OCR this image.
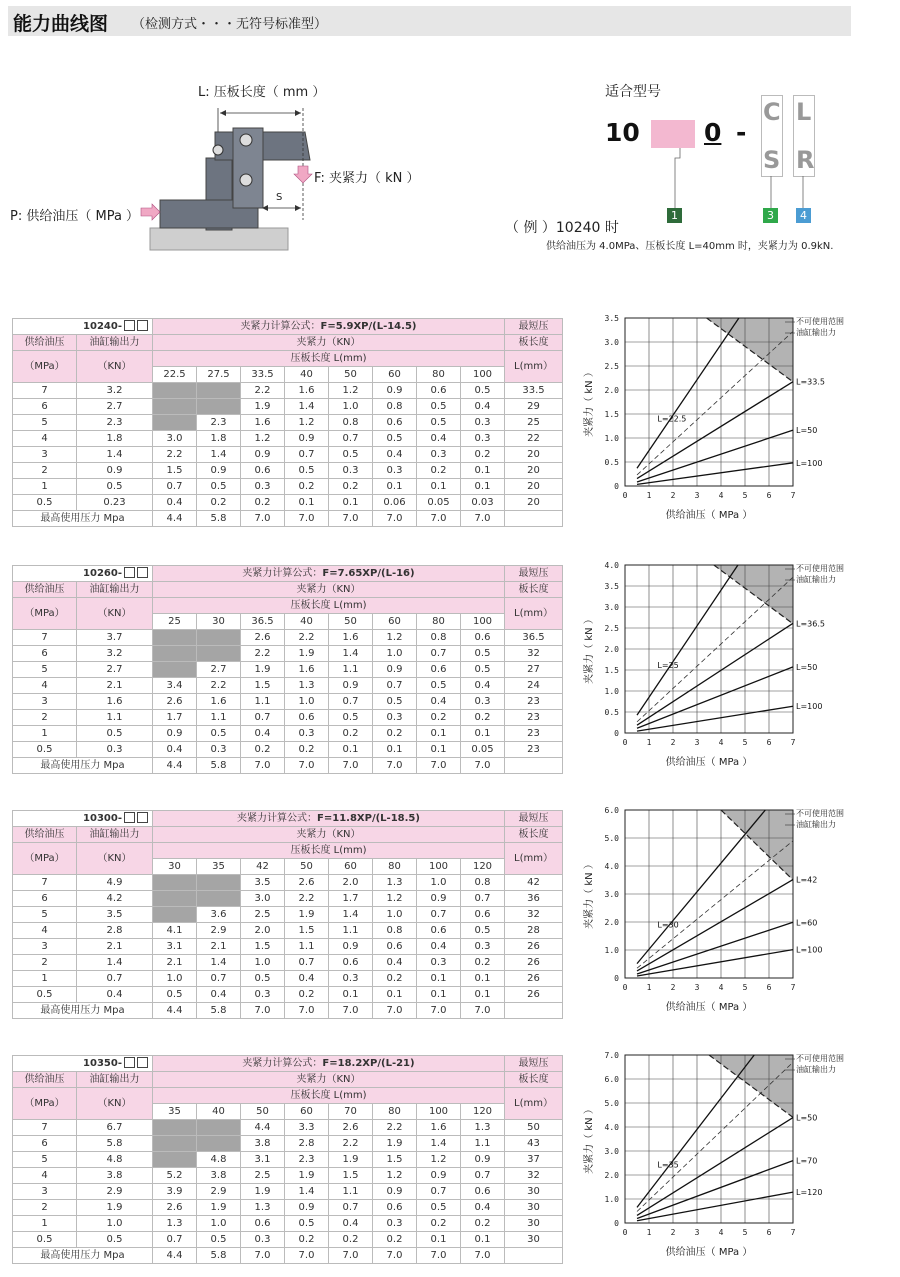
能力曲线图 （检测方式・・・无符号标准型）
L: 压板长度（ mm ）
F: 夹紧力（ kN ）
P: 供给油压（ MPa ）
S
适合型号
10	0 -
C
S
L
R
1	3	4
（ 例 ）10240 时
供给油压为 4.0MPa、压板长度 L=40mm 时，夹紧力为 0.9kN.
10240-		夹紧力计算公式：F=5.9XP/(L-14.5)								最短压
供给油压	油缸输出力	夹紧力（KN）								板长度
（MPa）	（KN）	压板长度 L(mm)								L(mm）
		22.5	27.5	33.5	40	50	60	80	100	
7	3.2			2.2	1.6	1.2	0.9	0.6	0.5	33.5
6	2.7			1.9	1.4	1.0	0.8	0.5	0.4	29
5	2.3		2.3	1.6	1.2	0.8	0.6	0.5	0.3	25
4	1.8	3.0	1.8	1.2	0.9	0.7	0.5	0.4	0.3	22
3	1.4	2.2	1.4	0.9	0.7	0.5	0.4	0.3	0.2	20
2	0.9	1.5	0.9	0.6	0.5	0.3	0.3	0.2	0.1	20
1	0.5	0.7	0.5	0.3	0.2	0.2	0.1	0.1	0.1	20
0.5	0.23	0.4	0.2	0.2	0.1	0.1	0.06	0.05	0.03	20
最高使用压力 Mpa		4.4	5.8	7.0	7.0	7.0	7.0	7.0	7.0	
10260-		夹紧力计算公式：F=7.65XP/(L-16)								最短压
供给油压	油缸输出力	夹紧力（KN）								板长度
（MPa）	（KN）	压板长度 L(mm)								L(mm）
		25	30	36.5	40	50	60	80	100	
7	3.7			2.6	2.2	1.6	1.2	0.8	0.6	36.5
6	3.2			2.2	1.9	1.4	1.0	0.7	0.5	32
5	2.7		2.7	1.9	1.6	1.1	0.9	0.6	0.5	27
4	2.1	3.4	2.2	1.5	1.3	0.9	0.7	0.5	0.4	24
3	1.6	2.6	1.6	1.1	1.0	0.7	0.5	0.4	0.3	23
2	1.1	1.7	1.1	0.7	0.6	0.5	0.3	0.2	0.2	23
1	0.5	0.9	0.5	0.4	0.3	0.2	0.2	0.1	0.1	23
0.5	0.3	0.4	0.3	0.2	0.2	0.1	0.1	0.1	0.05	23
最高使用压力 Mpa		4.4	5.8	7.0	7.0	7.0	7.0	7.0	7.0	
10300-		夹紧力计算公式：F=11.8XP/(L-18.5)								最短压
供给油压	油缸输出力	夹紧力（KN）								板长度
（MPa）	（KN）	压板长度 L(mm)								L(mm）
		30	35	42	50	60	80	100	120	
7	4.9			3.5	2.6	2.0	1.3	1.0	0.8	42
6	4.2			3.0	2.2	1.7	1.2	0.9	0.7	36
5	3.5		3.6	2.5	1.9	1.4	1.0	0.7	0.6	32
4	2.8	4.1	2.9	2.0	1.5	1.1	0.8	0.6	0.5	28
3	2.1	3.1	2.1	1.5	1.1	0.9	0.6	0.4	0.3	26
2	1.4	2.1	1.4	1.0	0.7	0.6	0.4	0.3	0.2	26
1	0.7	1.0	0.7	0.5	0.4	0.3	0.2	0.1	0.1	26
0.5	0.4	0.5	0.4	0.3	0.2	0.1	0.1	0.1	0.1	26
最高使用压力 Mpa		4.4	5.8	7.0	7.0	7.0	7.0	7.0	7.0	
10350-		夹紧力计算公式：F=18.2XP/(L-21)								最短压
供给油压	油缸输出力	夹紧力（KN）								板长度
（MPa）	（KN）	压板长度 L(mm)								L(mm）
		35	40	50	60	70	80	100	120	
7	6.7			4.4	3.3	2.6	2.2	1.6	1.3	50
6	5.8			3.8	2.8	2.2	1.9	1.4	1.1	43
5	4.8		4.8	3.1	2.3	1.9	1.5	1.2	0.9	37
4	3.8	5.2	3.8	2.5	1.9	1.5	1.2	0.9	0.7	32
3	2.9	3.9	2.9	1.9	1.4	1.1	0.9	0.7	0.6	30
2	1.9	2.6	1.9	1.3	0.9	0.7	0.6	0.5	0.4	30
1	1.0	1.3	1.0	0.6	0.5	0.4	0.3	0.2	0.2	30
0.5	0.5	0.7	0.5	0.3	0.2	0.2	0.2	0.1	0.1	30
最高使用压力 Mpa		4.4	5.8	7.0	7.0	7.0	7.0	7.0	7.0	
0
0.5
1.0
1.5
2.0
2.5
3.0
3.5
0 1 2 3 4 5 6 7
L=22.5
L=33.5
L=50
L=100
不可使用范围
油缸输出力
供给油压（ MPa ）
夹紧力（ kN ）
0
0.5
1.0
1.5
2.0
2.5
3.0
3.5
4.0
0 1 2 3 4 5 6 7
L=25
L=36.5
L=50
L=100
不可使用范围
油缸输出力
供给油压（ MPa ）
夹紧力（ kN ）
0
1.0
2.0
3.0
4.0
5.0
6.0
0 1 2 3 4 5 6 7
L=30
L=42
L=60
L=100
不可使用范围
油缸输出力
供给油压（ MPa ）
夹紧力（ kN ）
0
1.0
2.0
3.0
4.0
5.0
6.0
7.0
0 1 2 3 4 5 6 7
L=35
L=50
L=70
L=120
不可使用范围
油缸输出力
供给油压（ MPa ）
夹紧力（ kN ）
